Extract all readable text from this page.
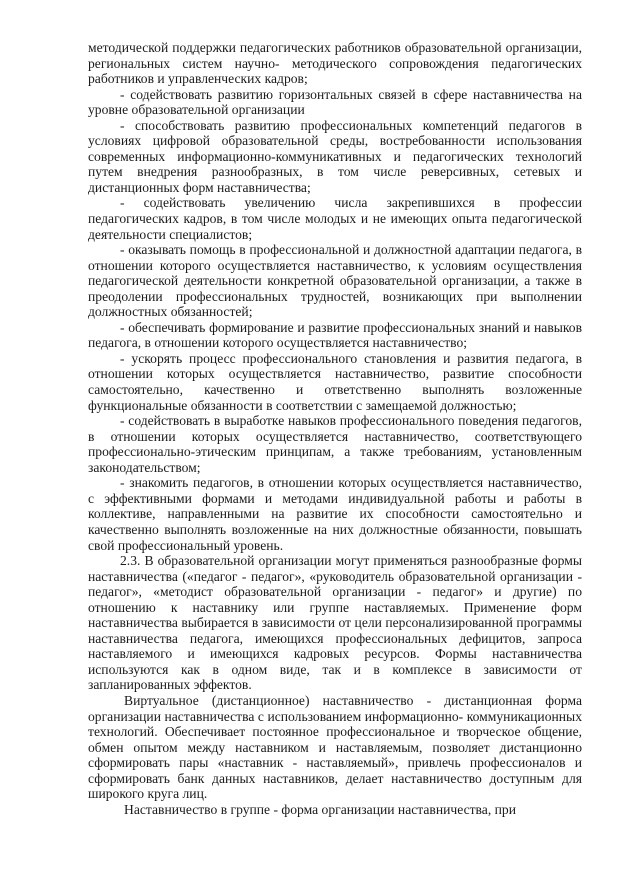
методической поддержки педагогических работников образовательной организации, региональных систем научно- методического сопровождения педагогических работников и управленческих кадров;

- содействовать развитию горизонтальных связей в сфере наставничества на уровне образовательной организации

- способствовать развитию профессиональных компетенций педагогов в условиях цифровой образовательной среды, востребованности использования современных информационно-коммуникативных и педагогических технологий путем внедрения разнообразных, в том числе реверсивных, сетевых и дистанционных форм наставничества;

- содействовать увеличению числа закрепившихся в профессии педагогических кадров, в том числе молодых и не имеющих опыта педагогической деятельности специалистов;

- оказывать помощь в профессиональной и должностной адаптации педагога, в отношении которого осуществляется наставничество, к условиям осуществления педагогической деятельности конкретной образовательной организации, а также в преодолении профессиональных трудностей, возникающих при выполнении должностных обязанностей;

- обеспечивать формирование и развитие профессиональных знаний и навыков педагога, в отношении которого осуществляется наставничество;

- ускорять процесс профессионального становления и развития педагога, в отношении которых осуществляется наставничество, развитие способности самостоятельно, качественно и ответственно выполнять возложенные функциональные обязанности в соответствии с замещаемой должностью;

- содействовать в выработке навыков профессионального поведения педагогов, в отношении которых осуществляется наставничество, соответствующего профессионально-этическим принципам, а также требованиям, установленным законодательством;

- знакомить педагогов, в отношении которых осуществляется наставничество, с эффективными формами и методами индивидуальной работы и работы в коллективе, направленными на развитие их способности самостоятельно и качественно выполнять возложенные на них должностные обязанности, повышать свой профессиональный уровень.

2.3. В образовательной организации могут применяться разнообразные формы наставничества («педагог - педагог», «руководитель образовательной организации - педагог», «методист образовательной организации - педагог» и другие) по отношению к наставнику или группе наставляемых. Применение форм наставничества выбирается в зависимости от цели персонализированной программы наставничества педагога, имеющихся профессиональных дефицитов, запроса наставляемого и имеющихся кадровых ресурсов. Формы наставничества используются как в одном виде, так и в комплексе в зависимости от запланированных эффектов.

Виртуальное (дистанционное) наставничество - дистанционная форма организации наставничества с использованием информационно- коммуникационных технологий. Обеспечивает постоянное профессиональное и творческое общение, обмен опытом между наставником и наставляемым, позволяет дистанционно сформировать пары «наставник - наставляемый», привлечь профессионалов и сформировать банк данных наставников, делает наставничество доступным для широкого круга лиц.

Наставничество в группе - форма организации наставничества, при
